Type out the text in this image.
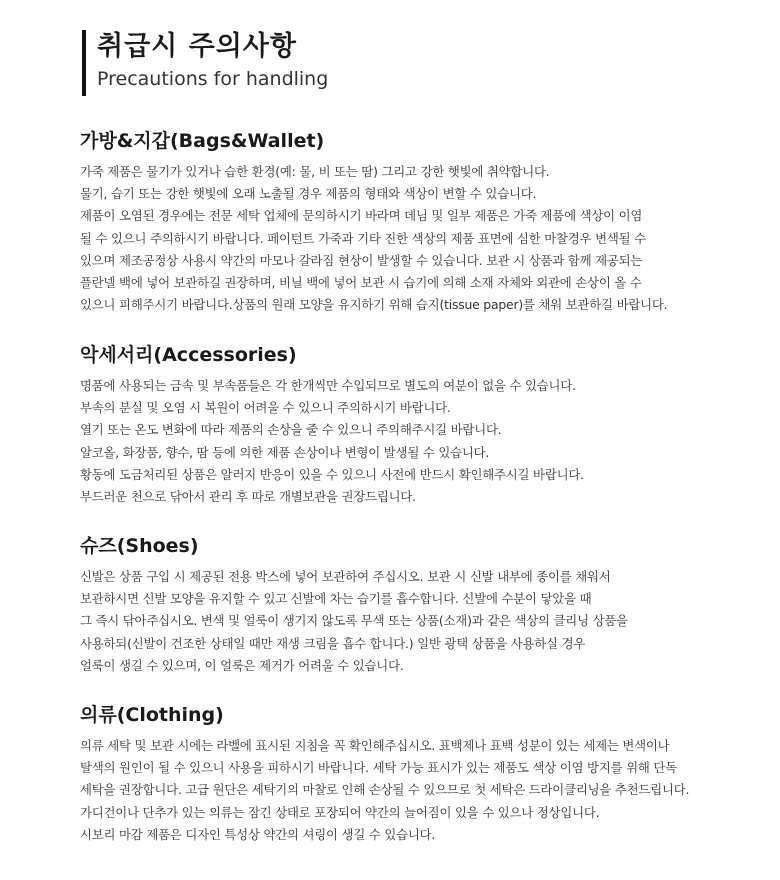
취급시 주의사항
Precautions for handling
가방&지갑(Bags&Wallet)

가죽 제품은 물기가 있거나 습한 환경(예: 물, 비 또는 땀) 그리고 강한 햇빛에 취약합니다.

물기, 습기 또는 강한 햇빛에 오래 노출될 경우 제품의 형태와 색상이 변할 수 있습니다.

제품이 오염된 경우에는 전문 세탁 업체에 문의하시기 바라며 데님 및 일부 제품은 가죽 제품에 색상이 이염

될 수 있으니 주의하시기 바랍니다. 페이턴트 가죽과 기타 진한 색상의 제품 표면에 심한 마찰경우 변색될 수

있으며 제조공정상 사용시 약간의 마모나 갈라짐 현상이 발생할 수 있습니다. 보관 시 상품과 함께 제공되는

플란넬 백에 넣어 보관하길 권장하며, 비닐 백에 넣어 보관 시 습기에 의해 소재 자체와 외관에 손상이 올 수

있으니 피해주시기 바랍니다.상품의 원래 모양을 유지하기 위해 습지(tissue paper)를 채워 보관하길 바랍니다.

악세서리(Accessories)

명품에 사용되는 금속 및 부속품들은 각 한개씩만 수입되므로 별도의 여분이 없을 수 있습니다.

부속의 분실 및 오염 시 복원이 어려울 수 있으니 주의하시기 바랍니다.

열기 또는 온도 변화에 따라 제품의 손상을 줄 수 있으니 주의해주시길 바랍니다.

알코올, 화장품, 향수, 땀 등에 의한 제품 손상이나 변형이 발생될 수 있습니다.

황동에 도금처리된 상품은 알러지 반응이 있을 수 있으니 사전에 반드시 확인해주시길 바랍니다.

부드러운 천으로 닦아서 관리 후 따로 개별보관을 권장드립니다.

슈즈(Shoes)

신발은 상품 구입 시 제공된 전용 박스에 넣어 보관하여 주십시오. 보관 시 신발 내부에 종이를 채워서

보관하시면 신발 모양을 유지할 수 있고 신발에 차는 습기를 흡수합니다. 신발에 수분이 닿았을 때

그 즉시 닦아주십시오. 변색 및 얼룩이 생기지 않도록 무색 또는 상품(소재)과 같은 색상의 클리닝 상품을

사용하되(신발이 건조한 상태일 때만 재생 크림을 흡수 합니다.) 일반 광택 상품을 사용하실 경우

얼룩이 생길 수 있으며, 이 얼룩은 제거가 어려울 수 있습니다.

의류(Clothing)

의류 세탁 및 보관 시에는 라벨에 표시된 지침을 꼭 확인해주십시오. 표백제나 표백 성분이 있는 세제는 변색이나

탈색의 원인이 될 수 있으니 사용을 피하시기 바랍니다. 세탁 가능 표시가 있는 제품도 색상 이염 방지를 위해 단독

세탁을 권장합니다. 고급 원단은 세탁기의 마찰로 인해 손상될 수 있으므로 첫 세탁은 드라이클리닝을 추천드립니다.

가디건이나 단추가 있는 의류는 잠긴 상태로 포장되어 약간의 늘어짐이 있을 수 있으나 정상입니다.

시보리 마감 제품은 디자인 특성상 약간의 셔링이 생길 수 있습니다.
